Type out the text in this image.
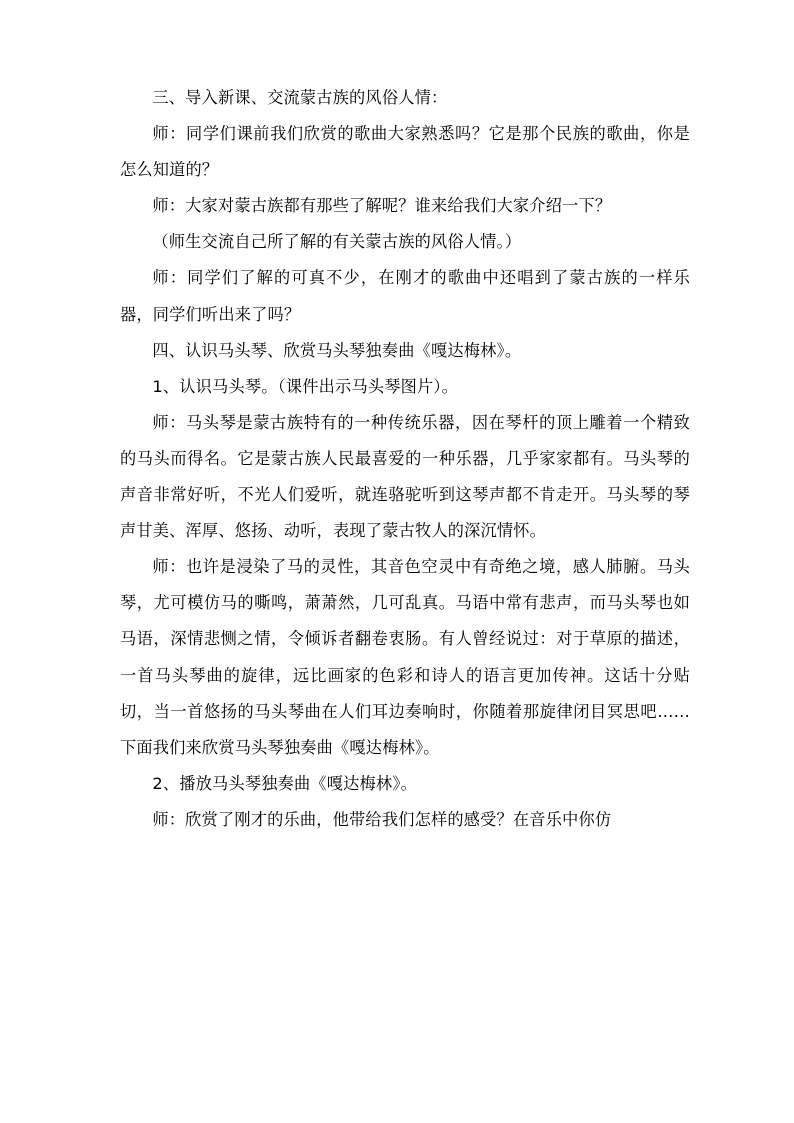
三、导入新课、交流蒙古族的风俗人情：

师：同学们课前我们欣赏的歌曲大家熟悉吗？它是那个民族的歌曲，你是怎么知道的？

师：大家对蒙古族都有那些了解呢？谁来给我们大家介绍一下？

（师生交流自己所了解的有关蒙古族的风俗人情。）

师：同学们了解的可真不少，在刚才的歌曲中还唱到了蒙古族的一样乐器，同学们听出来了吗？

四、认识马头琴、欣赏马头琴独奏曲《嘎达梅林》。

1、认识马头琴。（课件出示马头琴图片）。

师：马头琴是蒙古族特有的一种传统乐器，因在琴杆的顶上雕着一个精致的马头而得名。它是蒙古族人民最喜爱的一种乐器，几乎家家都有。马头琴的声音非常好听，不光人们爱听，就连骆驼听到这琴声都不肯走开。马头琴的琴声甘美、浑厚、悠扬、动听，表现了蒙古牧人的深沉情怀。

师：也许是浸染了马的灵性，其音色空灵中有奇绝之境，感人肺腑。马头琴，尤可模仿马的嘶鸣，萧萧然，几可乱真。马语中常有悲声，而马头琴也如马语，深情悲恻之情，令倾诉者翻卷衷肠。有人曾经说过：对于草原的描述，一首马头琴曲的旋律，远比画家的色彩和诗人的语言更加传神。这话十分贴切，当一首悠扬的马头琴曲在人们耳边奏响时，你随着那旋律闭目冥思吧……下面我们来欣赏马头琴独奏曲《嘎达梅林》。

2、播放马头琴独奏曲《嘎达梅林》。

师：欣赏了刚才的乐曲，他带给我们怎样的感受？在音乐中你仿
